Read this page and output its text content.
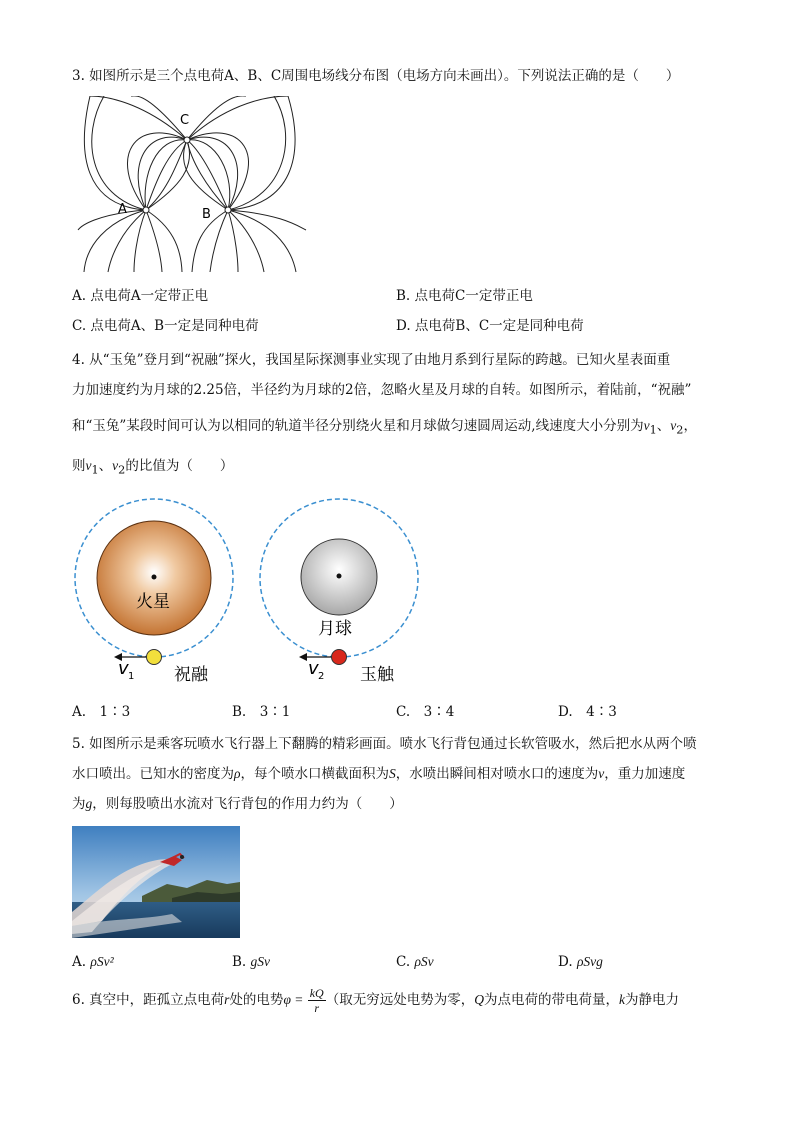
3. 如图所示是三个点电荷A、B、C周围电场线分布图（电场方向未画出）。下列说法正确的是（　　）
C
A	B
A. 点电荷A一定带正电	B. 点电荷C一定带正电
C. 点电荷A、B一定是同种电荷	D. 点电荷B、C一定是同种电荷
4. 从“玉兔”登月到“祝融”探火，我国星际探测事业实现了由地月系到行星际的跨越。已知火星表面重
力加速度约为月球的2.25倍，半径约为月球的2倍，忽略火星及月球的自转。如图所示，着陆前，“祝融”
和“玉兔”某段时间可认为以相同的轨道半径分别绕火星和月球做匀速圆周运动,线速度大小分别为$v_1$、$v_2$，
则$v_1$、$v_2$的比值为（　　）
火星
月球
v 1 祝融	v 2 玉触
A.　1∶3	B.　3∶1	C.　3∶4	D.　4∶3
5. 如图所示是乘客玩喷水飞行器上下翻腾的精彩画面。喷水飞行背包通过长软管吸水，然后把水从两个喷
水口喷出。已知水的密度为ρ，每个喷水口横截面积为S，水喷出瞬间相对喷水口的速度为v，重力加速度
为g，则每股喷出水流对飞行背包的作用力约为（　　）
A. ρSv²	B. gSv	C. ρSv	D. ρSvg
6. 真空中，距孤立点电荷r处的电势$\varphi = \frac{kQ}{r}$ （取无穷远处电势为零，Q为点电荷的带电荷量，k为静电力
